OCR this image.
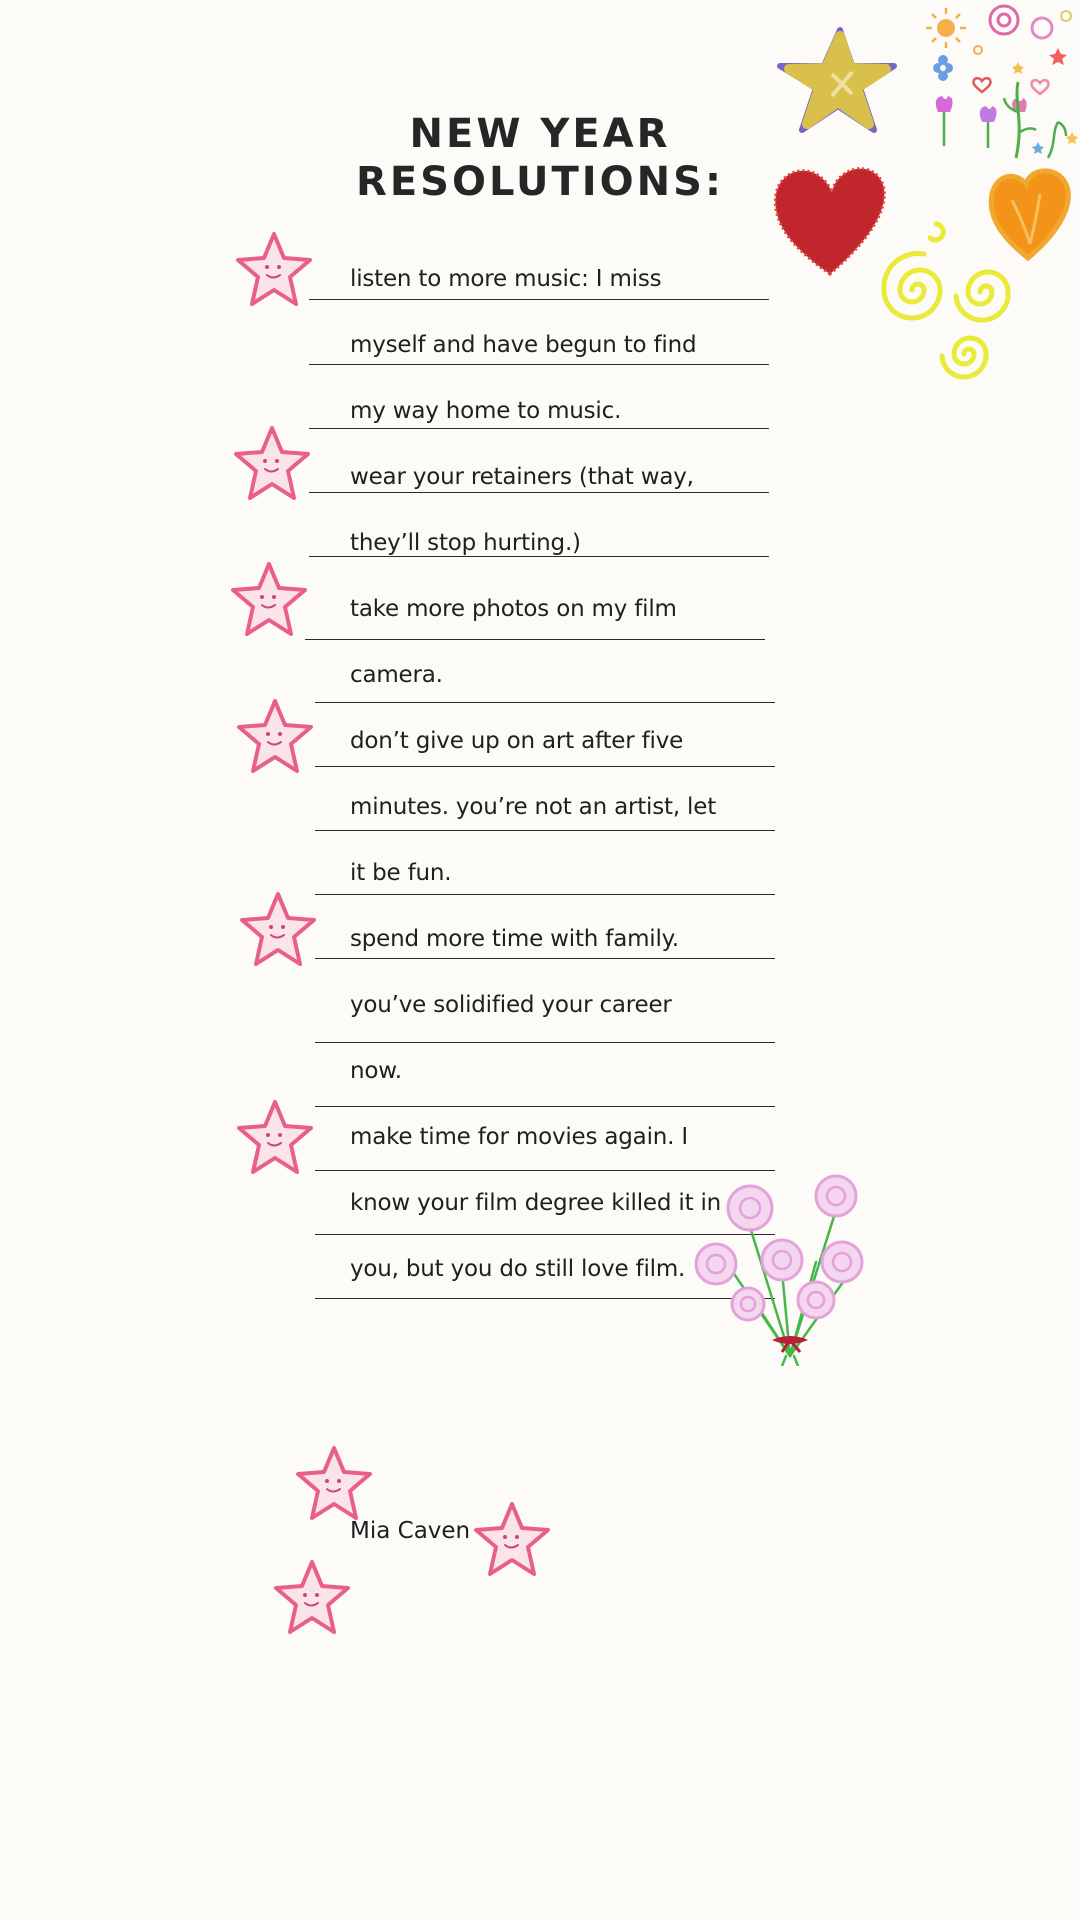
NEW YEAR
RESOLUTIONS:
listen to more music: I miss
myself and have begun to find
my way home to music.
wear your retainers (that way,
they’ll stop hurting.)
take more photos on my film
camera.
don’t give up on art after five
minutes. you’re not an artist, let
it be fun.
spend more time with family.
you’ve solidified your career
now.
make time for movies again. I
know your film degree killed it in
you, but you do still love film.
Mia Caven
